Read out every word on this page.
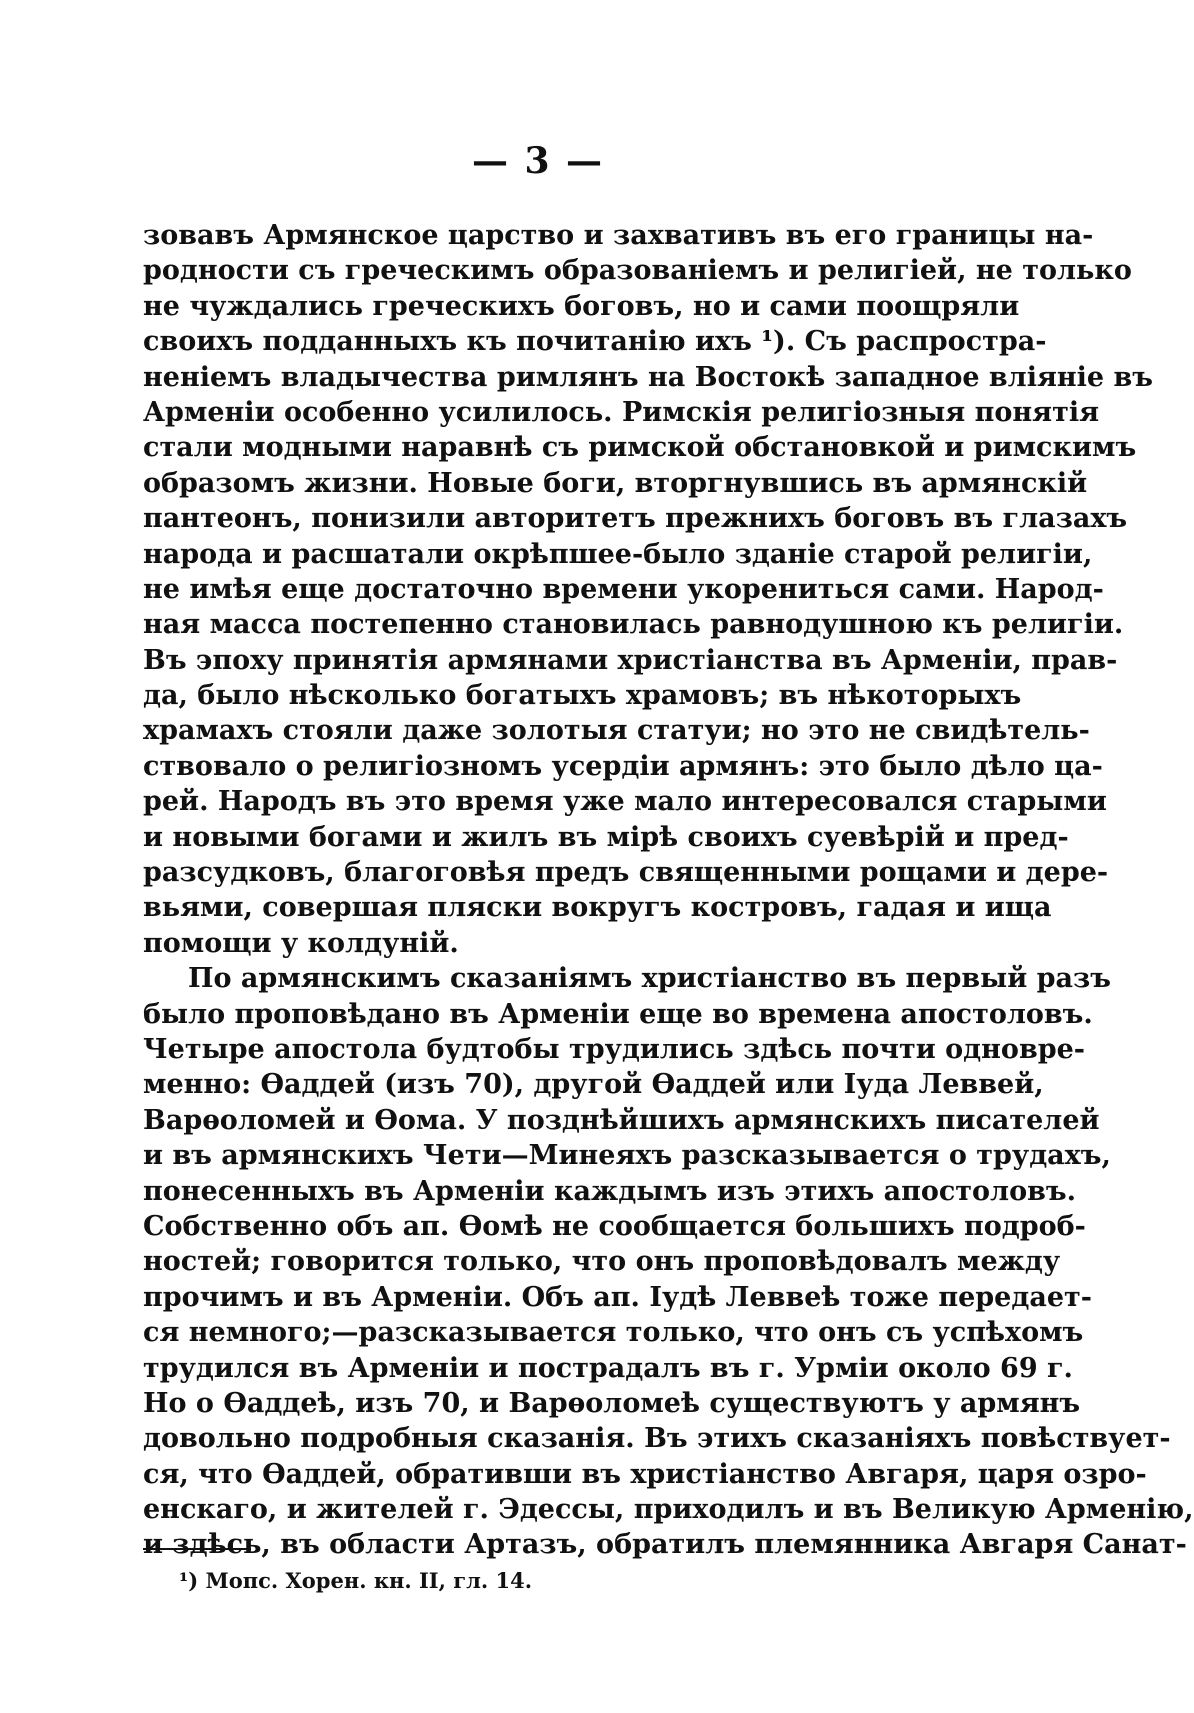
— 3 —
зовавъ Армянское царство и захвативъ въ его границы на-
родности съ греческимъ образованіемъ и религіей, не только
не чуждались греческихъ боговъ, но и сами поощряли
своихъ подданныхъ къ почитанію ихъ ¹). Съ распростра-
неніемъ владычества римлянъ на Востокѣ западное вліяніе въ
Арменіи особенно усилилось. Римскія религіозныя понятія
стали модными наравнѣ съ римской обстановкой и римскимъ
образомъ жизни. Новые боги, вторгнувшись въ армянскій
пантеонъ, понизили авторитетъ прежнихъ боговъ въ глазахъ
народа и расшатали окрѣпшее-было зданіе старой религіи,
не имѣя еще достаточно времени укорениться сами. Народ-
ная масса постепенно становилась равнодушною къ религіи.
Въ эпоху принятія армянами христіанства въ Арменіи, прав-
да, было нѣсколько богатыхъ храмовъ; въ нѣкоторыхъ
храмахъ стояли даже золотыя статуи; но это не свидѣтель-
ствовало о религіозномъ усердіи армянъ: это было дѣло ца-
рей. Народъ въ это время уже мало интересовался старыми
и новыми богами и жилъ въ мірѣ своихъ суевѣрій и пред-
разсудковъ, благоговѣя предъ священными рощами и дере-
вьями, совершая пляски вокругъ костровъ, гадая и ища
помощи у колдуній.
По армянскимъ сказаніямъ христіанство въ первый разъ
было проповѣдано въ Арменіи еще во времена апостоловъ.
Четыре апостола будтобы трудились здѣсь почти одновре-
менно: Ѳаддей (изъ 70), другой Ѳаддей или Іуда Леввей,
Варѳоломей и Ѳома. У позднѣйшихъ армянскихъ писателей
и въ армянскихъ Чети—Минеяхъ разсказывается о трудахъ,
понесенныхъ въ Арменіи каждымъ изъ этихъ апостоловъ.
Собственно объ ап. Ѳомѣ не сообщается большихъ подроб-
ностей; говорится только, что онъ проповѣдовалъ между
прочимъ и въ Арменіи. Объ ап. Іудѣ Леввеѣ тоже передает-
ся немного;—разсказывается только, что онъ съ успѣхомъ
трудился въ Арменіи и пострадалъ въ г. Урміи около 69 г.
Но о Ѳаддеѣ, изъ 70, и Варѳоломеѣ существуютъ у армянъ
довольно подробныя сказанія. Въ этихъ сказаніяхъ повѣствует-
ся, что Ѳаддей, обративши въ христіанство Авгаря, царя озро-
енскаго, и жителей г. Эдессы, приходилъ и въ Великую Арменію,
и здѣсь, въ области Артазъ, обратилъ племянника Авгаря Санат-
¹) Мопс. Хорен. кн. II, гл. 14.
